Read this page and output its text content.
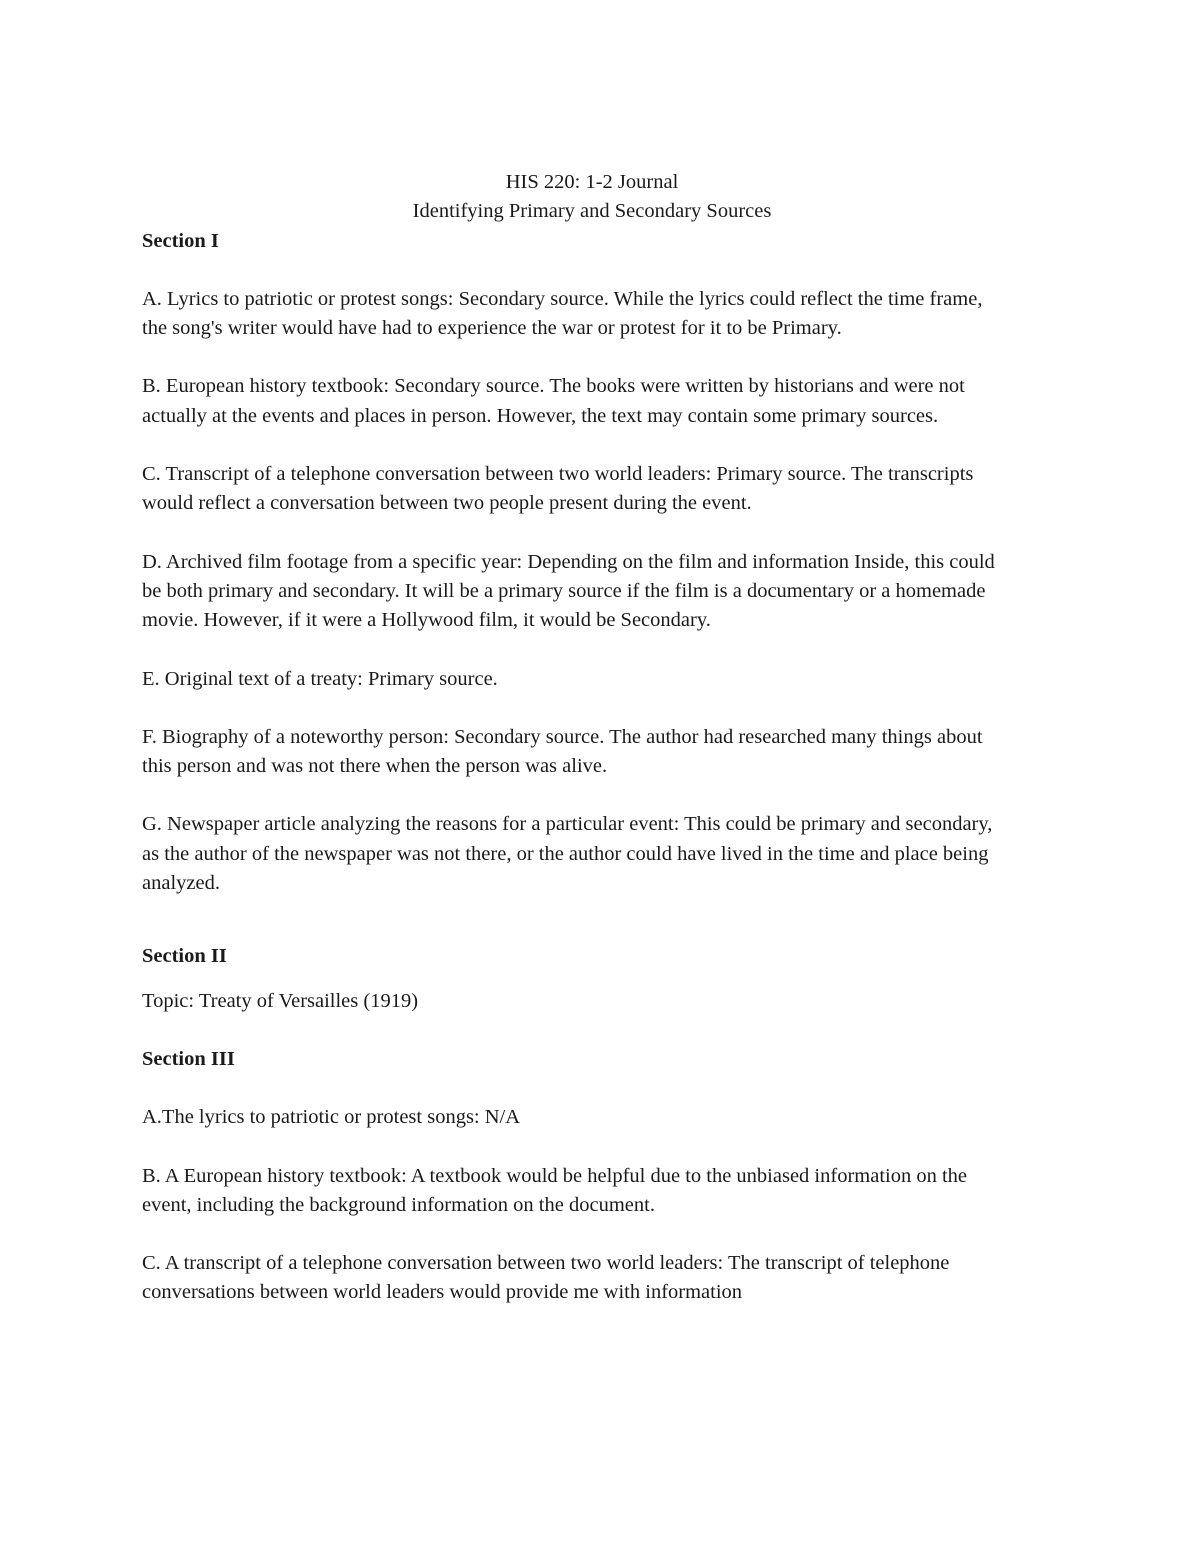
HIS 220: 1-2 Journal

Identifying Primary and Secondary Sources

Section I

A. Lyrics to patriotic or protest songs: Secondary source. While the lyrics could reflect the time frame, the song's writer would have had to experience the war or protest for it to be Primary.

B. European history textbook: Secondary source. The books were written by historians and were not actually at the events and places in person. However, the text may contain some primary sources.

C. Transcript of a telephone conversation between two world leaders: Primary source. The transcripts would reflect a conversation between two people present during the event.

D. Archived film footage from a specific year: Depending on the film and information Inside, this could be both primary and secondary. It will be a primary source if the film is a documentary or a homemade movie. However, if it were a Hollywood film, it would be Secondary.

E. Original text of a treaty: Primary source.

F. Biography of a noteworthy person: Secondary source. The author had researched many things about this person and was not there when the person was alive.

G. Newspaper article analyzing the reasons for a particular event: This could be primary and secondary, as the author of the newspaper was not there, or the author could have lived in the time and place being analyzed.

Section II

Topic: Treaty of Versailles (1919)

Section III

A.The lyrics to patriotic or protest songs: N/A

B. A European history textbook: A textbook would be helpful due to the unbiased information on the event, including the background information on the document.

C. A transcript of a telephone conversation between two world leaders: The transcript of telephone conversations between world leaders would provide me with information
